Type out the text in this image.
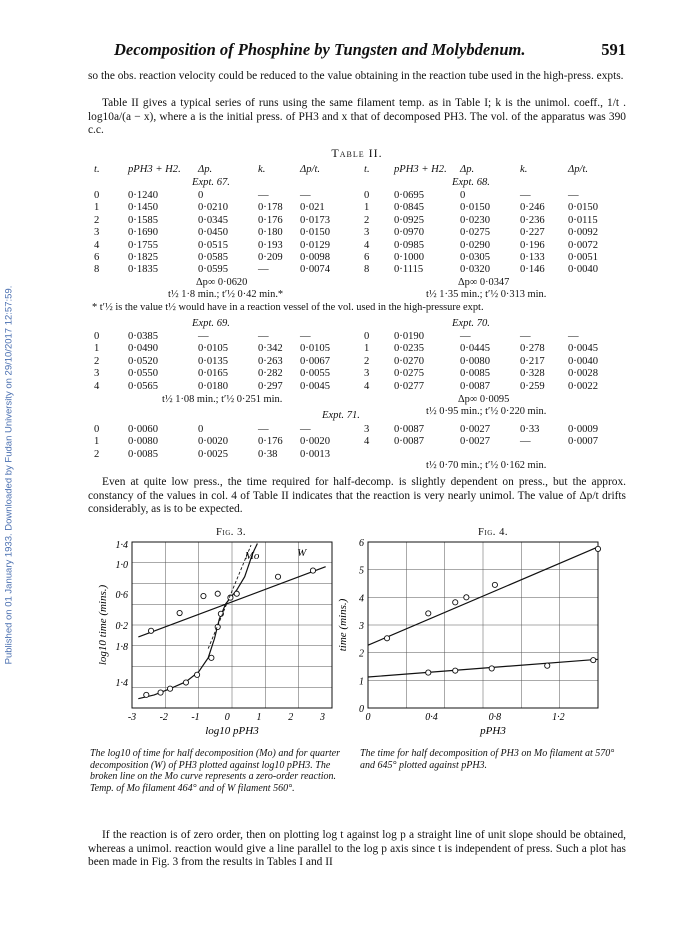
Published on 01 January 1933. Downloaded by Fudan University on 29/10/2017 12:57:59.
Decomposition of Phosphine by Tungsten and Molybdenum.	591

so the obs. reaction velocity could be reduced to the value obtaining in the reaction tube used in the high-press. expts.

Table II gives a typical series of runs using the same filament temp. as in Table I; k is the unimol. coeff., 1/t . log10a/(a − x), where a is the initial press. of PH3 and x that of decomposed PH3. The vol. of the apparatus was 390 c.c.

Table II.
t.	pPH3 + H2. Δp.	k.	Δp/t.	t. pPH3 + H2. Δp.	k.	Δp/t.
Expt. 67.	Expt. 68.
0	0·1240	0	—	—
1	0·1450	0·0210	0·178 0·021
2	0·1585	0·0345	0·176 0·0173
3	0·1690	0·0450	0·180 0·0150
4	0·1755	0·0515	0·193 0·0129
6	0·1825	0·0585	0·209 0·0098
8	0·1835	0·0595	—	0·0074
0 0·0695	0	—	—
1 0·0845	0·0150	0·246 0·0150
2 0·0925	0·0230	0·236 0·0115
3 0·0970	0·0275	0·227 0·0092
4 0·0985	0·0290	0·196 0·0072
6 0·1000	0·0305	0·133 0·0051
8 0·1115	0·0320	0·146 0·0040
Δp∞ 0·0620
t½ 1·8 min.; t′½ 0·42 min.*
Δp∞ 0·0347
t½ 1·35 min.; t′½ 0·313 min.
* t′½ is the value t½ would have in a reaction vessel of the vol. used in the high-pressure expt.
Expt. 69.	Expt. 70.
0	0·0385	—	—	—
1	0·0490	0·0105	0·342 0·0105
2	0·0520	0·0135	0·263 0·0067
3	0·0550	0·0165	0·282 0·0055
4	0·0565	0·0180	0·297 0·0045
0 0·0190	—	—	—
1 0·0235	0·0445	0·278 0·0045
2 0·0270	0·0080	0·217 0·0040
3 0·0275	0·0085	0·328 0·0028
4 0·0277	0·0087	0·259 0·0022
t½ 1·08 min.; t′½ 0·251 min.	Δp∞ 0·0095
t½ 0·95 min.; t′½ 0·220 min.
Expt. 71.
0	0·0060	0	—	—
1	0·0080	0·0020	0·176 0·0020
2	0·0085	0·0025	0·38 0·0013
3 0·0087	0·0027	0·33	0·0009
4 0·0087	0·0027	—	0·0007
t½ 0·70 min.; t′½ 0·162 min.

Even at quite low press., the time required for half-decomp. is slightly dependent on press., but the approx. constancy of the values in col. 4 of Table II indicates that the reaction is very nearly unimol. The value of Δp/t drifts considerably, as is to be expected.

Fig. 3.	Fig. 4.
-3 -2 -1	0	1	2	3
1·4
1·0
0·6
0·2
1·8
1·4
Mo	W
log10 pPH3
log10 time (mins.)
0	0·4	0·8	1·2
0
1
2
3
4
5
6
pPH3
time (mins.)

The log10 of time for half decomposition (Mo) and for quarter decomposition (W) of PH3 plotted against log10 pPH3. The broken line on the Mo curve represents a zero-order reaction. Temp. of Mo filament 464° and of W filament 560°.

The time for half decomposition of PH3 on Mo filament at 570° and 645° plotted against pPH3.

If the reaction is of zero order, then on plotting log t against log p a straight line of unit slope should be obtained, whereas a unimol. reaction would give a line parallel to the log p axis since t is independent of press. Such a plot has been made in Fig. 3 from the results in Tables I and II
